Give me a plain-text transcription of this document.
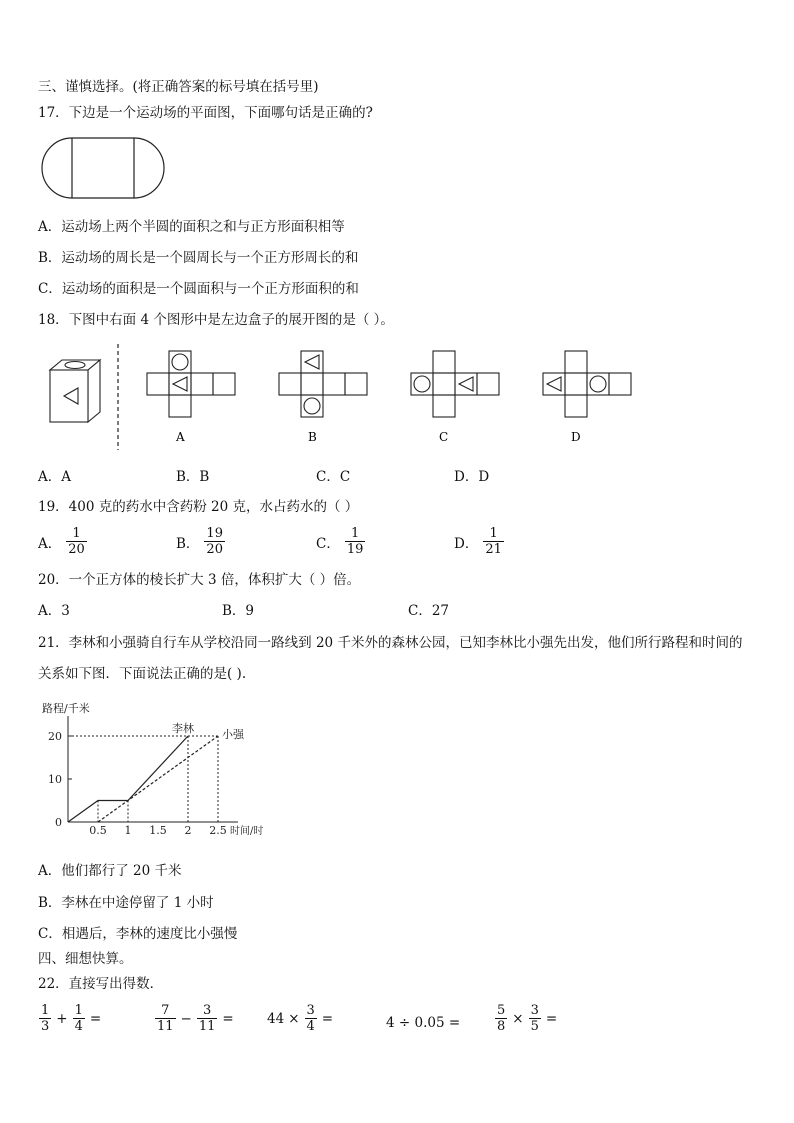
三、谨慎选择。(将正确答案的标号填在括号里)
17．下边是一个运动场的平面图，下面哪句话是正确的?
A．运动场上两个半圆的面积之和与正方形面积相等
B．运动场的周长是一个圆周长与一个正方形周长的和
C．运动场的面积是一个圆面积与一个正方形面积的和
18．下图中右面 4 个图形中是左边盒子的展开图的是（ ）。
A	B	C	D
A．A	B．B	C．C	D．D
19．400 克的药水中含药粉 20 克，水占药水的（ ）
A． $\frac{1}{20}$	B． $\frac{19}{20}$	C． $\frac{1}{19}$	D． $\frac{1}{21}$
20．一个正方体的棱长扩大 3 倍，体积扩大（ ）倍。
A．3	B．9	C．27
21．李林和小强骑自行车从学校沿同一路线到 20 千米外的森林公园，已知李林比小强先出发，他们所行路程和时间的
关系如下图．下面说法正确的是( ).
路程/千米
时间/时
0
10
20
0.5 1 1.5 2 2.5
李林	小强
A．他们都行了 20 千米
B．李林在中途停留了 1 小时
C．相遇后，李林的速度比小强慢
四、细想快算。
22．直接写出得数．
$\frac{1}{3} + \frac{1}{4}$ =	$\frac{7}{11} - \frac{3}{11} = 44 \times \frac{3}{4}$ =	4 ÷ 0.05 =	$\frac{5}{8} \times \frac{3}{5}$ =
